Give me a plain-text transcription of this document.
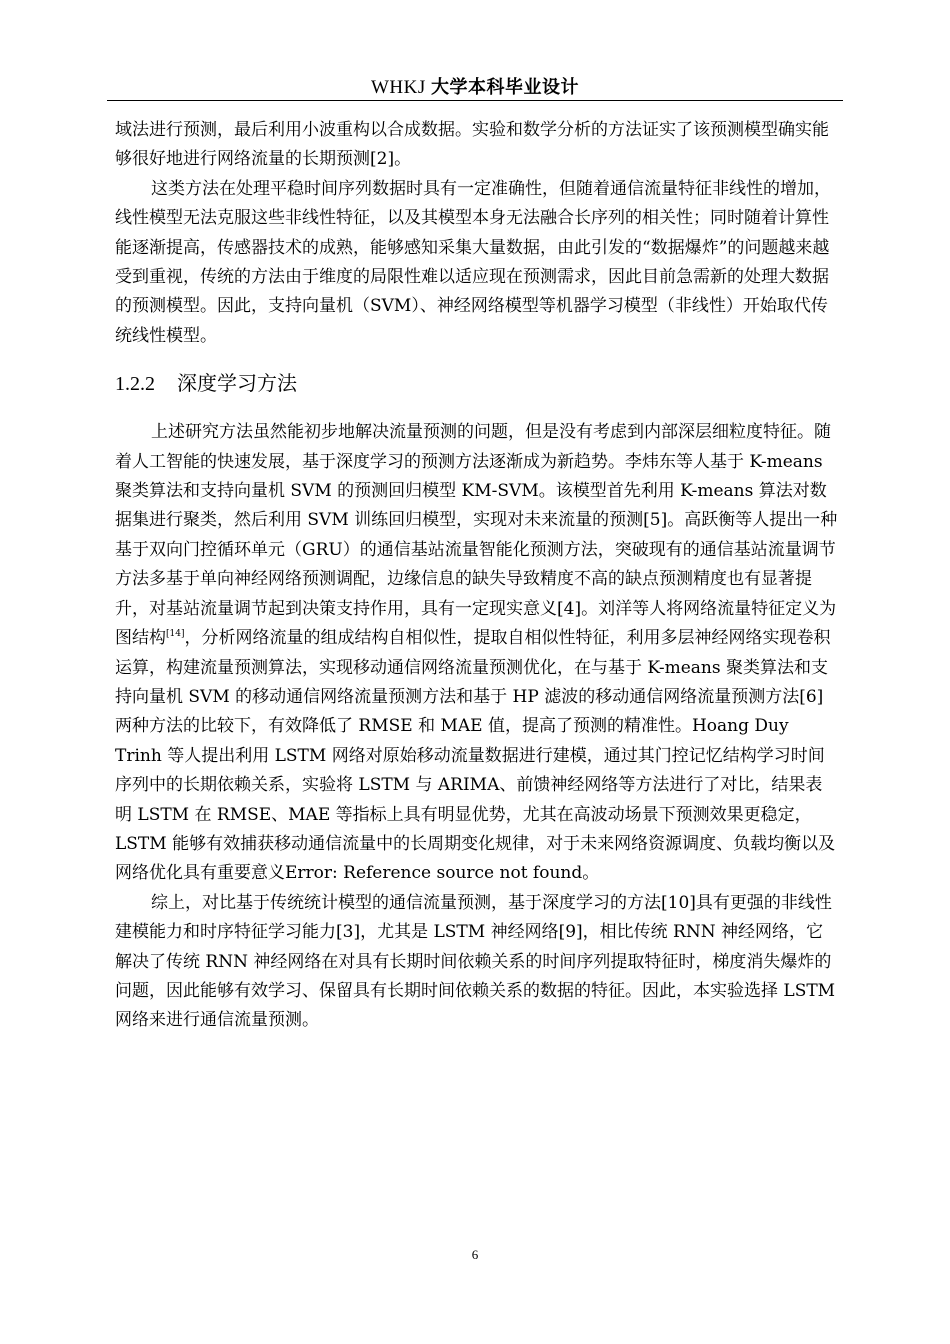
WHKJ 大学本科毕业设计

域法进行预测，最后利用小波重构以合成数据。实验和数学分析的方法证实了该预测模型确实能够很好地进行网络流量的长期预测[2]。

这类方法在处理平稳时间序列数据时具有一定准确性，但随着通信流量特征非线性的增加，线性模型无法克服这些非线性特征，以及其模型本身无法融合长序列的相关性；同时随着计算性能逐渐提高，传感器技术的成熟，能够感知采集大量数据，由此引发的“数据爆炸”的问题越来越受到重视，传统的方法由于维度的局限性难以适应现在预测需求，因此目前急需新的处理大数据的预测模型。因此，支持向量机（SVM）、神经网络模型等机器学习模型（非线性）开始取代传统线性模型。

1.2.2 深度学习方法

上述研究方法虽然能初步地解决流量预测的问题，但是没有考虑到内部深层细粒度特征。随着人工智能的快速发展，基于深度学习的预测方法逐渐成为新趋势。李炜东等人基于 K-means 聚类算法和支持向量机 SVM 的预测回归模型 KM-SVM。该模型首先利用 K-means 算法对数据集进行聚类，然后利用 SVM 训练回归模型，实现对未来流量的预测[5]。高跃衡等人提出一种基于双向门控循环单元（GRU）的通信基站流量智能化预测方法，突破现有的通信基站流量调节方法多基于单向神经网络预测调配，边缘信息的缺失导致精度不高的缺点预测精度也有显著提升，对基站流量调节起到决策支持作用，具有一定现实意义[4]。刘洋等人将网络流量特征定义为图结构[14]，分析网络流量的组成结构自相似性，提取自相似性特征，利用多层神经网络实现卷积运算，构建流量预测算法，实现移动通信网络流量预测优化，在与基于 K-means 聚类算法和支持向量机 SVM 的移动通信网络流量预测方法和基于 HP 滤波的移动通信网络流量预测方法[6]两种方法的比较下，有效降低了 RMSE 和 MAE 值，提高了预测的精准性。Hoang Duy Trinh 等人提出利用 LSTM 网络对原始移动流量数据进行建模，通过其门控记忆结构学习时间序列中的长期依赖关系，实验将 LSTM 与 ARIMA、前馈神经网络等方法进行了对比，结果表明 LSTM 在 RMSE、MAE 等指标上具有明显优势，尤其在高波动场景下预测效果更稳定，LSTM 能够有效捕获移动通信流量中的长周期变化规律，对于未来网络资源调度、负载均衡以及网络优化具有重要意义Error: Reference source not found。

综上，对比基于传统统计模型的通信流量预测，基于深度学习的方法[10]具有更强的非线性建模能力和时序特征学习能力[3]，尤其是 LSTM 神经网络[9]，相比传统 RNN 神经网络，它解决了传统 RNN 神经网络在对具有长期时间依赖关系的时间序列提取特征时，梯度消失爆炸的问题，因此能够有效学习、保留具有长期时间依赖关系的数据的特征。因此，本实验选择 LSTM 网络来进行通信流量预测。

6
